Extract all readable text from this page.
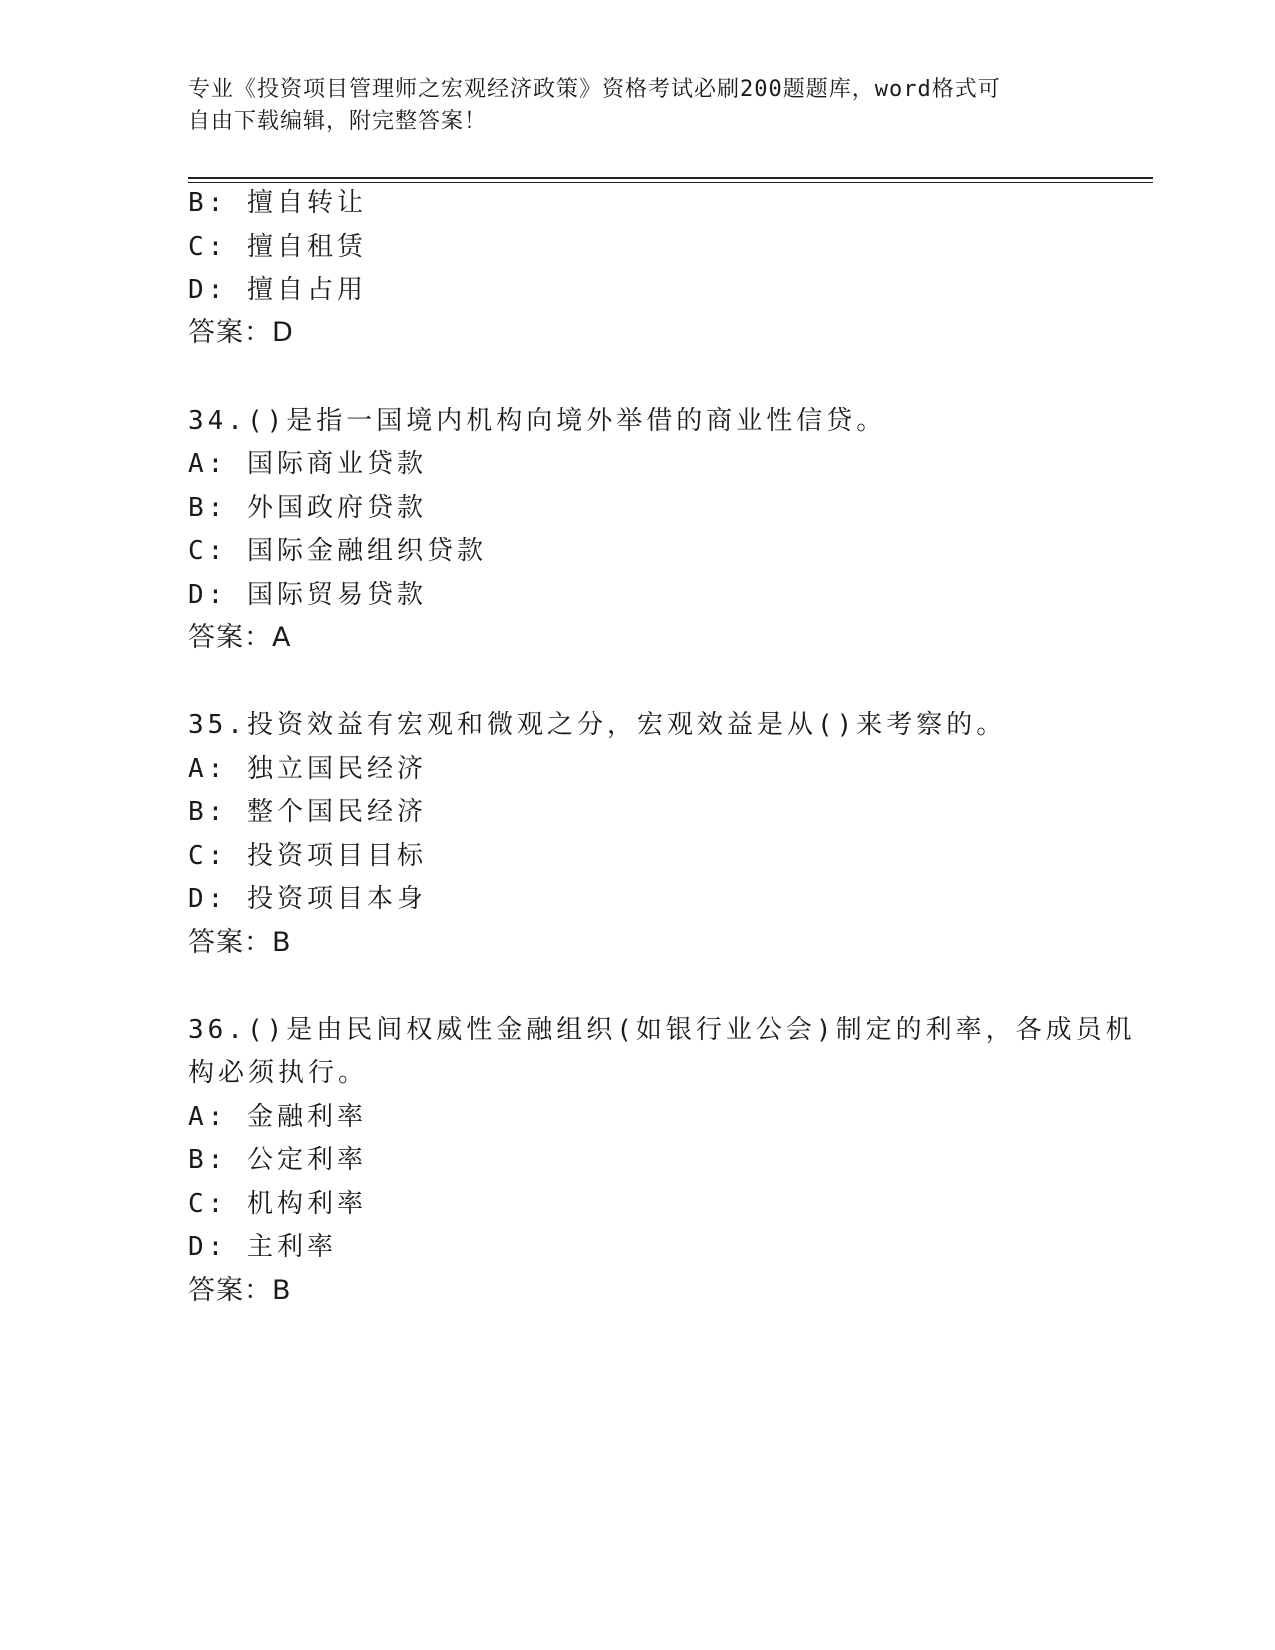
专业《投资项目管理师之宏观经济政策》资格考试必刷200题题库，word格式可
自由下载编辑，附完整答案！
B: 擅自转让
C: 擅自租赁
D: 擅自占用
答案：D
34.()是指一国境内机构向境外举借的商业性信贷。
A: 国际商业贷款
B: 外国政府贷款
C: 国际金融组织贷款
D: 国际贸易贷款
答案：A
35.投资效益有宏观和微观之分，宏观效益是从()来考察的。
A: 独立国民经济
B: 整个国民经济
C: 投资项目目标
D: 投资项目本身
答案：B
36.()是由民间权威性金融组织(如银行业公会)制定的利率，各成员机
构必须执行。
A: 金融利率
B: 公定利率
C: 机构利率
D: 主利率
答案：B
